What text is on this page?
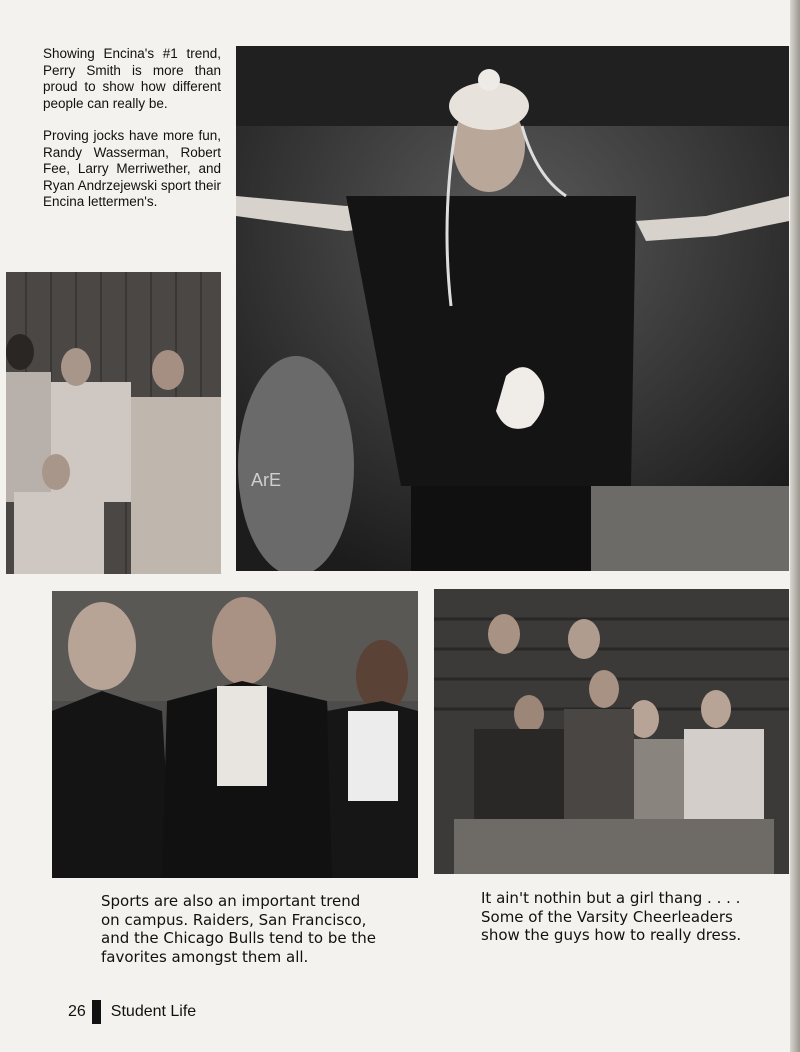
Showing Encina's #1 trend, Perry Smith is more than proud to show how different people can really be.

Proving jocks have more fun, Randy Wasserman, Robert Fee, Larry Merriwether, and Ryan Andrzejewski sport their Encina lettermen's.

ArE
Sports are also an important trend on campus. Raiders, San Francisco, and the Chicago Bulls tend to be the favorites amongst them all.
It ain't nothin but a girl thang . . . . Some of the Varsity Cheerleaders show the guys how to really dress.
26 Student Life
